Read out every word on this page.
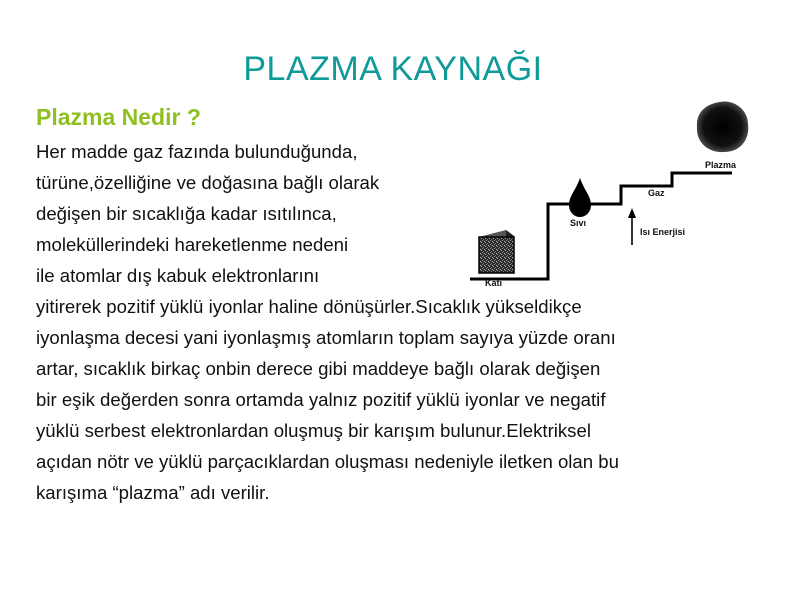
PLAZMA KAYNAĞI
Plazma Nedir ?
Her madde gaz fazında bulunduğunda,
türüne,özelliğine ve doğasına bağlı olarak
değişen bir sıcaklığa kadar ısıtılınca,
moleküllerindeki hareketlenme nedeni
ile atomlar dış kabuk elektronlarını
yitirerek pozitif yüklü iyonlar haline dönüşürler.Sıcaklık yükseldikçe
iyonlaşma decesi yani iyonlaşmış atomların toplam sayıya yüzde oranı
artar, sıcaklık birkaç onbin derece gibi maddeye bağlı olarak değişen
bir eşik değerden sonra ortamda yalnız pozitif yüklü iyonlar ve negatif
yüklü serbest elektronlardan oluşmuş bir karışım bulunur.Elektriksel
açıdan nötr ve yüklü parçacıklardan oluşması nedeniyle iletken olan bu
karışıma “plazma” adı verilir.
Katı
Sıvı
Gaz
Plazma
Isı Enerjisi
